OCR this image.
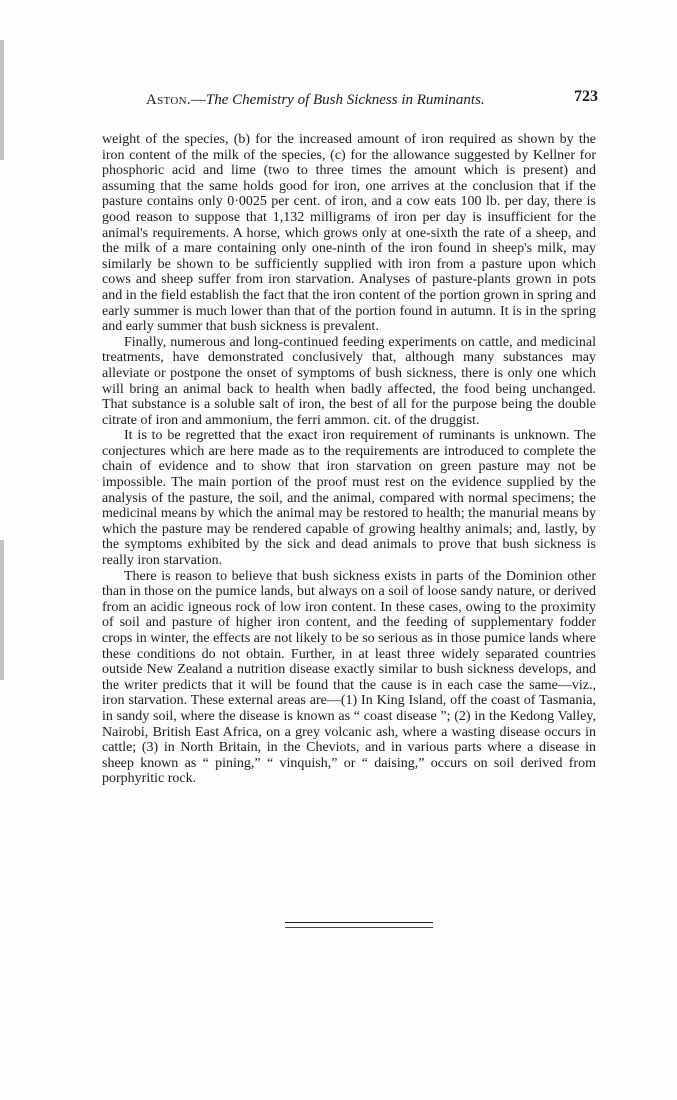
Aston.—The Chemistry of Bush Sickness in Ruminants.	723

weight of the species, (b) for the increased amount of iron required as shown by the iron content of the milk of the species, (c) for the allowance suggested by Kellner for phosphoric acid and lime (two to three times the amount which is present) and assuming that the same holds good for iron, one arrives at the conclusion that if the pasture contains only 0·0025 per cent. of iron, and a cow eats 100 lb. per day, there is good reason to suppose that 1,132 milligrams of iron per day is insufficient for the animal's requirements. A horse, which grows only at one-sixth the rate of a sheep, and the milk of a mare containing only one-ninth of the iron found in sheep's milk, may similarly be shown to be sufficiently supplied with iron from a pasture upon which cows and sheep suffer from iron starvation. Analyses of pasture-plants grown in pots and in the field establish the fact that the iron content of the portion grown in spring and early summer is much lower than that of the portion found in autumn. It is in the spring and early summer that bush sickness is prevalent.

Finally, numerous and long-continued feeding experiments on cattle, and medicinal treatments, have demonstrated conclusively that, although many substances may alleviate or postpone the onset of symptoms of bush sickness, there is only one which will bring an animal back to health when badly affected, the food being unchanged. That substance is a soluble salt of iron, the best of all for the purpose being the double citrate of iron and ammonium, the ferri ammon. cit. of the druggist.

It is to be regretted that the exact iron requirement of ruminants is unknown. The conjectures which are here made as to the requirements are introduced to complete the chain of evidence and to show that iron starvation on green pasture may not be impossible. The main portion of the proof must rest on the evidence supplied by the analysis of the pasture, the soil, and the animal, compared with normal specimens; the medicinal means by which the animal may be restored to health; the manurial means by which the pasture may be rendered capable of growing healthy animals; and, lastly, by the symptoms exhibited by the sick and dead animals to prove that bush sickness is really iron starvation.

There is reason to believe that bush sickness exists in parts of the Dominion other than in those on the pumice lands, but always on a soil of loose sandy nature, or derived from an acidic igneous rock of low iron content. In these cases, owing to the proximity of soil and pasture of higher iron content, and the feeding of supplementary fodder crops in winter, the effects are not likely to be so serious as in those pumice lands where these conditions do not obtain. Further, in at least three widely separated countries outside New Zealand a nutrition disease exactly similar to bush sickness develops, and the writer predicts that it will be found that the cause is in each case the same—viz., iron starvation. These external areas are—(1) In King Island, off the coast of Tasmania, in sandy soil, where the disease is known as “ coast disease ”; (2) in the Kedong Valley, Nairobi, British East Africa, on a grey volcanic ash, where a wasting disease occurs in cattle; (3) in North Britain, in the Cheviots, and in various parts where a disease in sheep known as “ pining,” “ vinquish,” or “ daising,” occurs on soil derived from porphyritic rock.
